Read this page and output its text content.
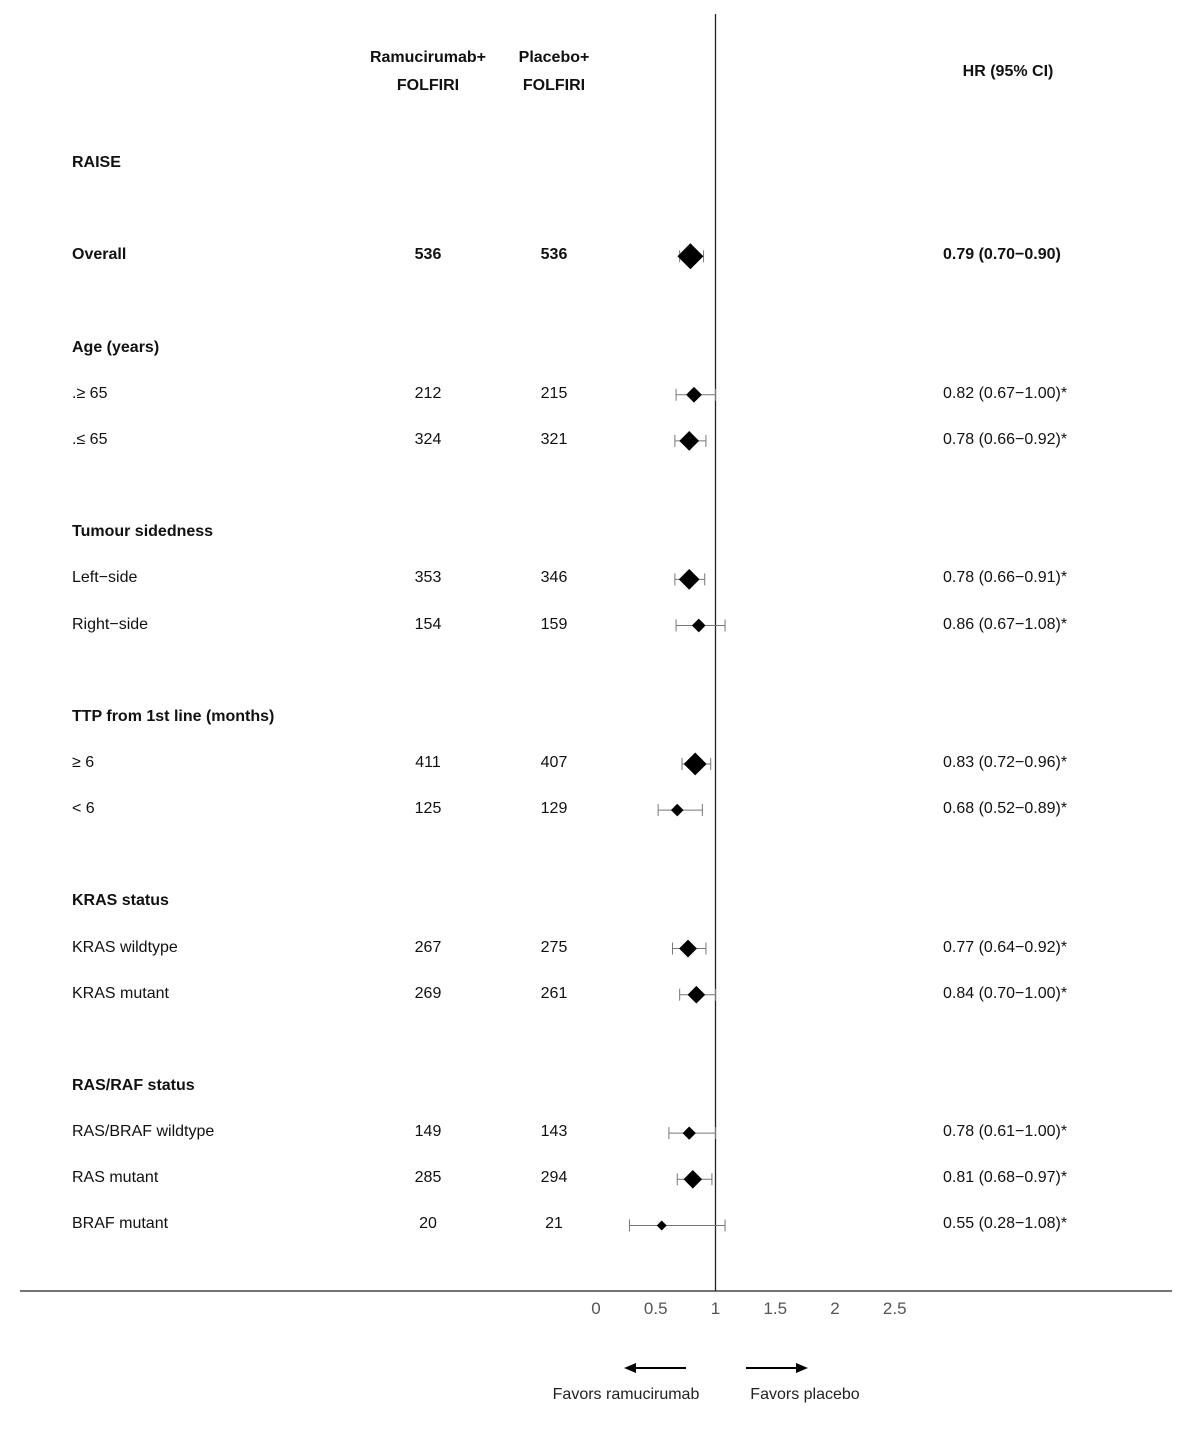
Ramucirumab+
FOLFIRI
Placebo+
FOLFIRI
HR (95% CI)
0	0.5	1	1.5	2	2.5
RAISE
Overall	536	536	0.79 (0.70−0.90)
Age (years)
.≥ 65	212	215	0.82 (0.67−1.00)*
.≤ 65	324	321	0.78 (0.66−0.92)*
Tumour sidedness
Left−side	353	346	0.78 (0.66−0.91)*
Right−side	154	159	0.86 (0.67−1.08)*
TTP from 1st line (months)
≥ 6	411	407	0.83 (0.72−0.96)*
< 6	125	129	0.68 (0.52−0.89)*
KRAS status
KRAS wildtype	267	275	0.77 (0.64−0.92)*
KRAS mutant	269	261	0.84 (0.70−1.00)*
RAS/RAF status
RAS/BRAF wildtype	149	143	0.78 (0.61−1.00)*
RAS mutant	285	294	0.81 (0.68−0.97)*
BRAF mutant	20	21	0.55 (0.28−1.08)*
Favors ramucirumab	Favors placebo
